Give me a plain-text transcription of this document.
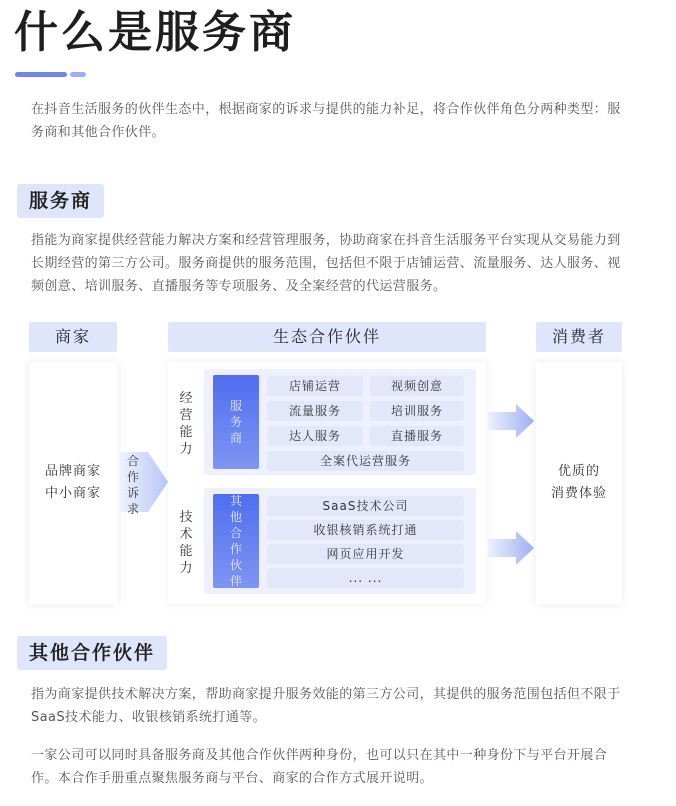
什么是服务商

在抖音生活服务的伙伴生态中，根据商家的诉求与提供的能力补足，将合作伙伴角色分两种类型：服务商和其他合作伙伴。

服务商

指能为商家提供经营能力解决方案和经营管理服务，协助商家在抖音生活服务平台实现从交易能力到长期经营的第三方公司。服务商提供的服务范围，包括但不限于店铺运营、流量服务、达人服务、视频创意、培训服务、直播服务等专项服务、及全案经营的代运营服务。

商家
品牌商家
中小商家
合作诉求
生态合作伙伴
经营能力
服务商
店铺运营	视频创意
流量服务	培训服务
达人服务	直播服务
全案代运营服务
技术能力
其他合作伙伴
SaaS技术公司
收银核销系统打通
网页应用开发
... ...
消费者
优质的
消费体验
其他合作伙伴

指为商家提供技术解决方案，帮助商家提升服务效能的第三方公司，其提供的服务范围包括但不限于SaaS技术能力、收银核销系统打通等。

一家公司可以同时具备服务商及其他合作伙伴两种身份，也可以只在其中一种身份下与平台开展合作。本合作手册重点聚焦服务商与平台、商家的合作方式展开说明。
